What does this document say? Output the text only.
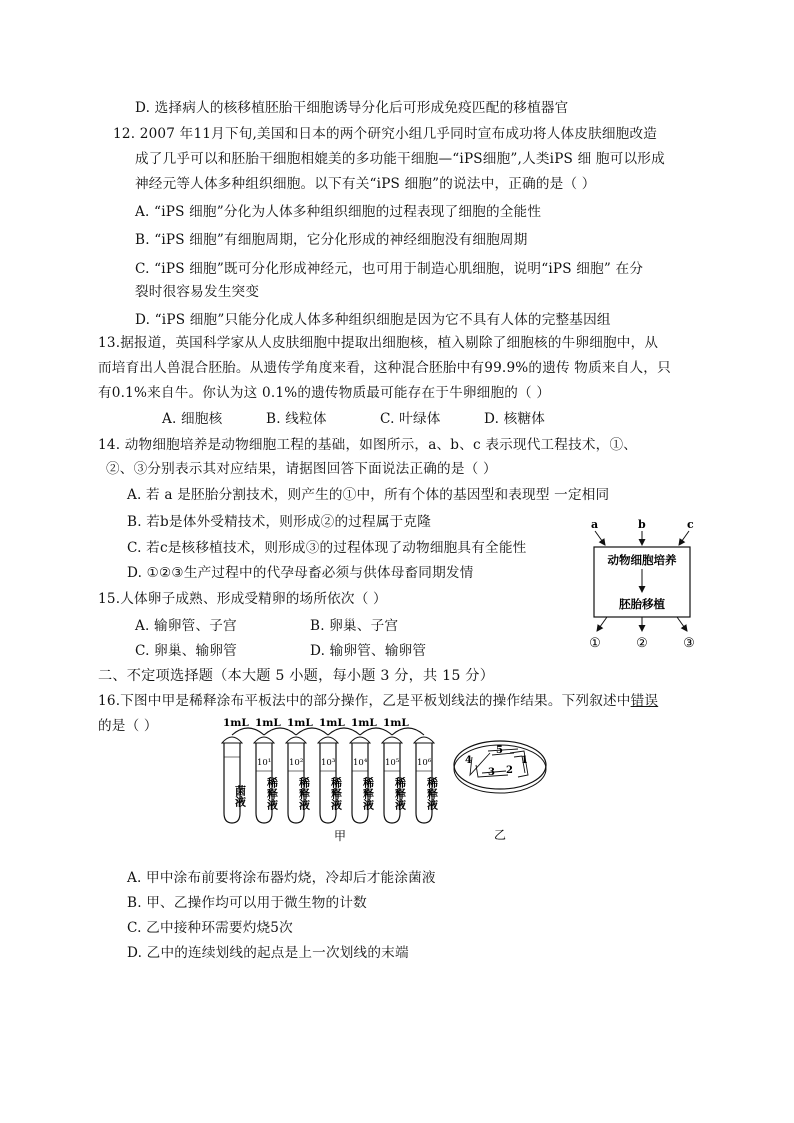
D. 选择病人的核移植胚胎干细胞诱导分化后可形成免疫匹配的移植器官
12. 2007 年11月下旬,美国和日本的两个研究小组几乎同时宣布成功将人体皮肤细胞改造
成了几乎可以和胚胎干细胞相媲美的多功能干细胞—“iPS细胞”,人类iPS 细 胞可以形成
神经元等人体多种组织细胞。以下有关“iPS 细胞”的说法中，正确的是（ ）
A. “iPS 细胞”分化为人体多种组织细胞的过程表现了细胞的全能性
B. “iPS 细胞”有细胞周期，它分化形成的神经细胞没有细胞周期
C. “iPS 细胞”既可分化形成神经元，也可用于制造心肌细胞，说明“iPS 细胞” 在分
裂时很容易发生突变
D. “iPS 细胞”只能分化成人体多种组织细胞是因为它不具有人体的完整基因组
13.据报道，英国科学家从人皮肤细胞中提取出细胞核，植入剔除了细胞核的牛卵细胞中，从
而培育出人兽混合胚胎。从遗传学角度来看，这种混合胚胎中有99.9%的遗传 物质来自人，只
有0.1%来自牛。你认为这 0.1%的遗传物质最可能存在于牛卵细胞的（ ）
A. 细胞核	B. 线粒体	C. 叶绿体	D. 核糖体
14. 动物细胞培养是动物细胞工程的基础，如图所示，a、b、c 表示现代工程技术，①、
②、③分别表示其对应结果，请据图回答下面说法正确的是（ ）
A. 若 a 是胚胎分割技术，则产生的①中，所有个体的基因型和表现型 一定相同
B. 若b是体外受精技术，则形成②的过程属于克隆
C. 若c是核移植技术，则形成③的过程体现了动物细胞具有全能性
D. ①②③生产过程中的代孕母畜必须与供体母畜同期发情
a	b	c
动物细胞培养
胚胎移植
①	②	③
15.人体卵子成熟、形成受精卵的场所依次（ ）
A. 输卵管、子宫	B. 卵巢、子宫
C. 卵巢、输卵管	D. 输卵管、输卵管
二、不定项选择题（本大题 5 小题，每小题 3 分，共 15 分）
16.下图中甲是稀释涂布平板法中的部分操作，乙是平板划线法的操作结果。下列叙述中错误
的是（ ）	1mL 1mL 1mL 1mL 1mL 1mL
10¹ 10² 10³ 10⁴ 10⁵ 10⁶
菌液 稀释液 稀释液 稀释液 稀释液 稀释液 稀释液
甲
1
2
3
4
5
乙
A. 甲中涂布前要将涂布器灼烧，冷却后才能涂菌液
B. 甲、乙操作均可以用于微生物的计数
C. 乙中接种环需要灼烧5次
D. 乙中的连续划线的起点是上一次划线的末端
